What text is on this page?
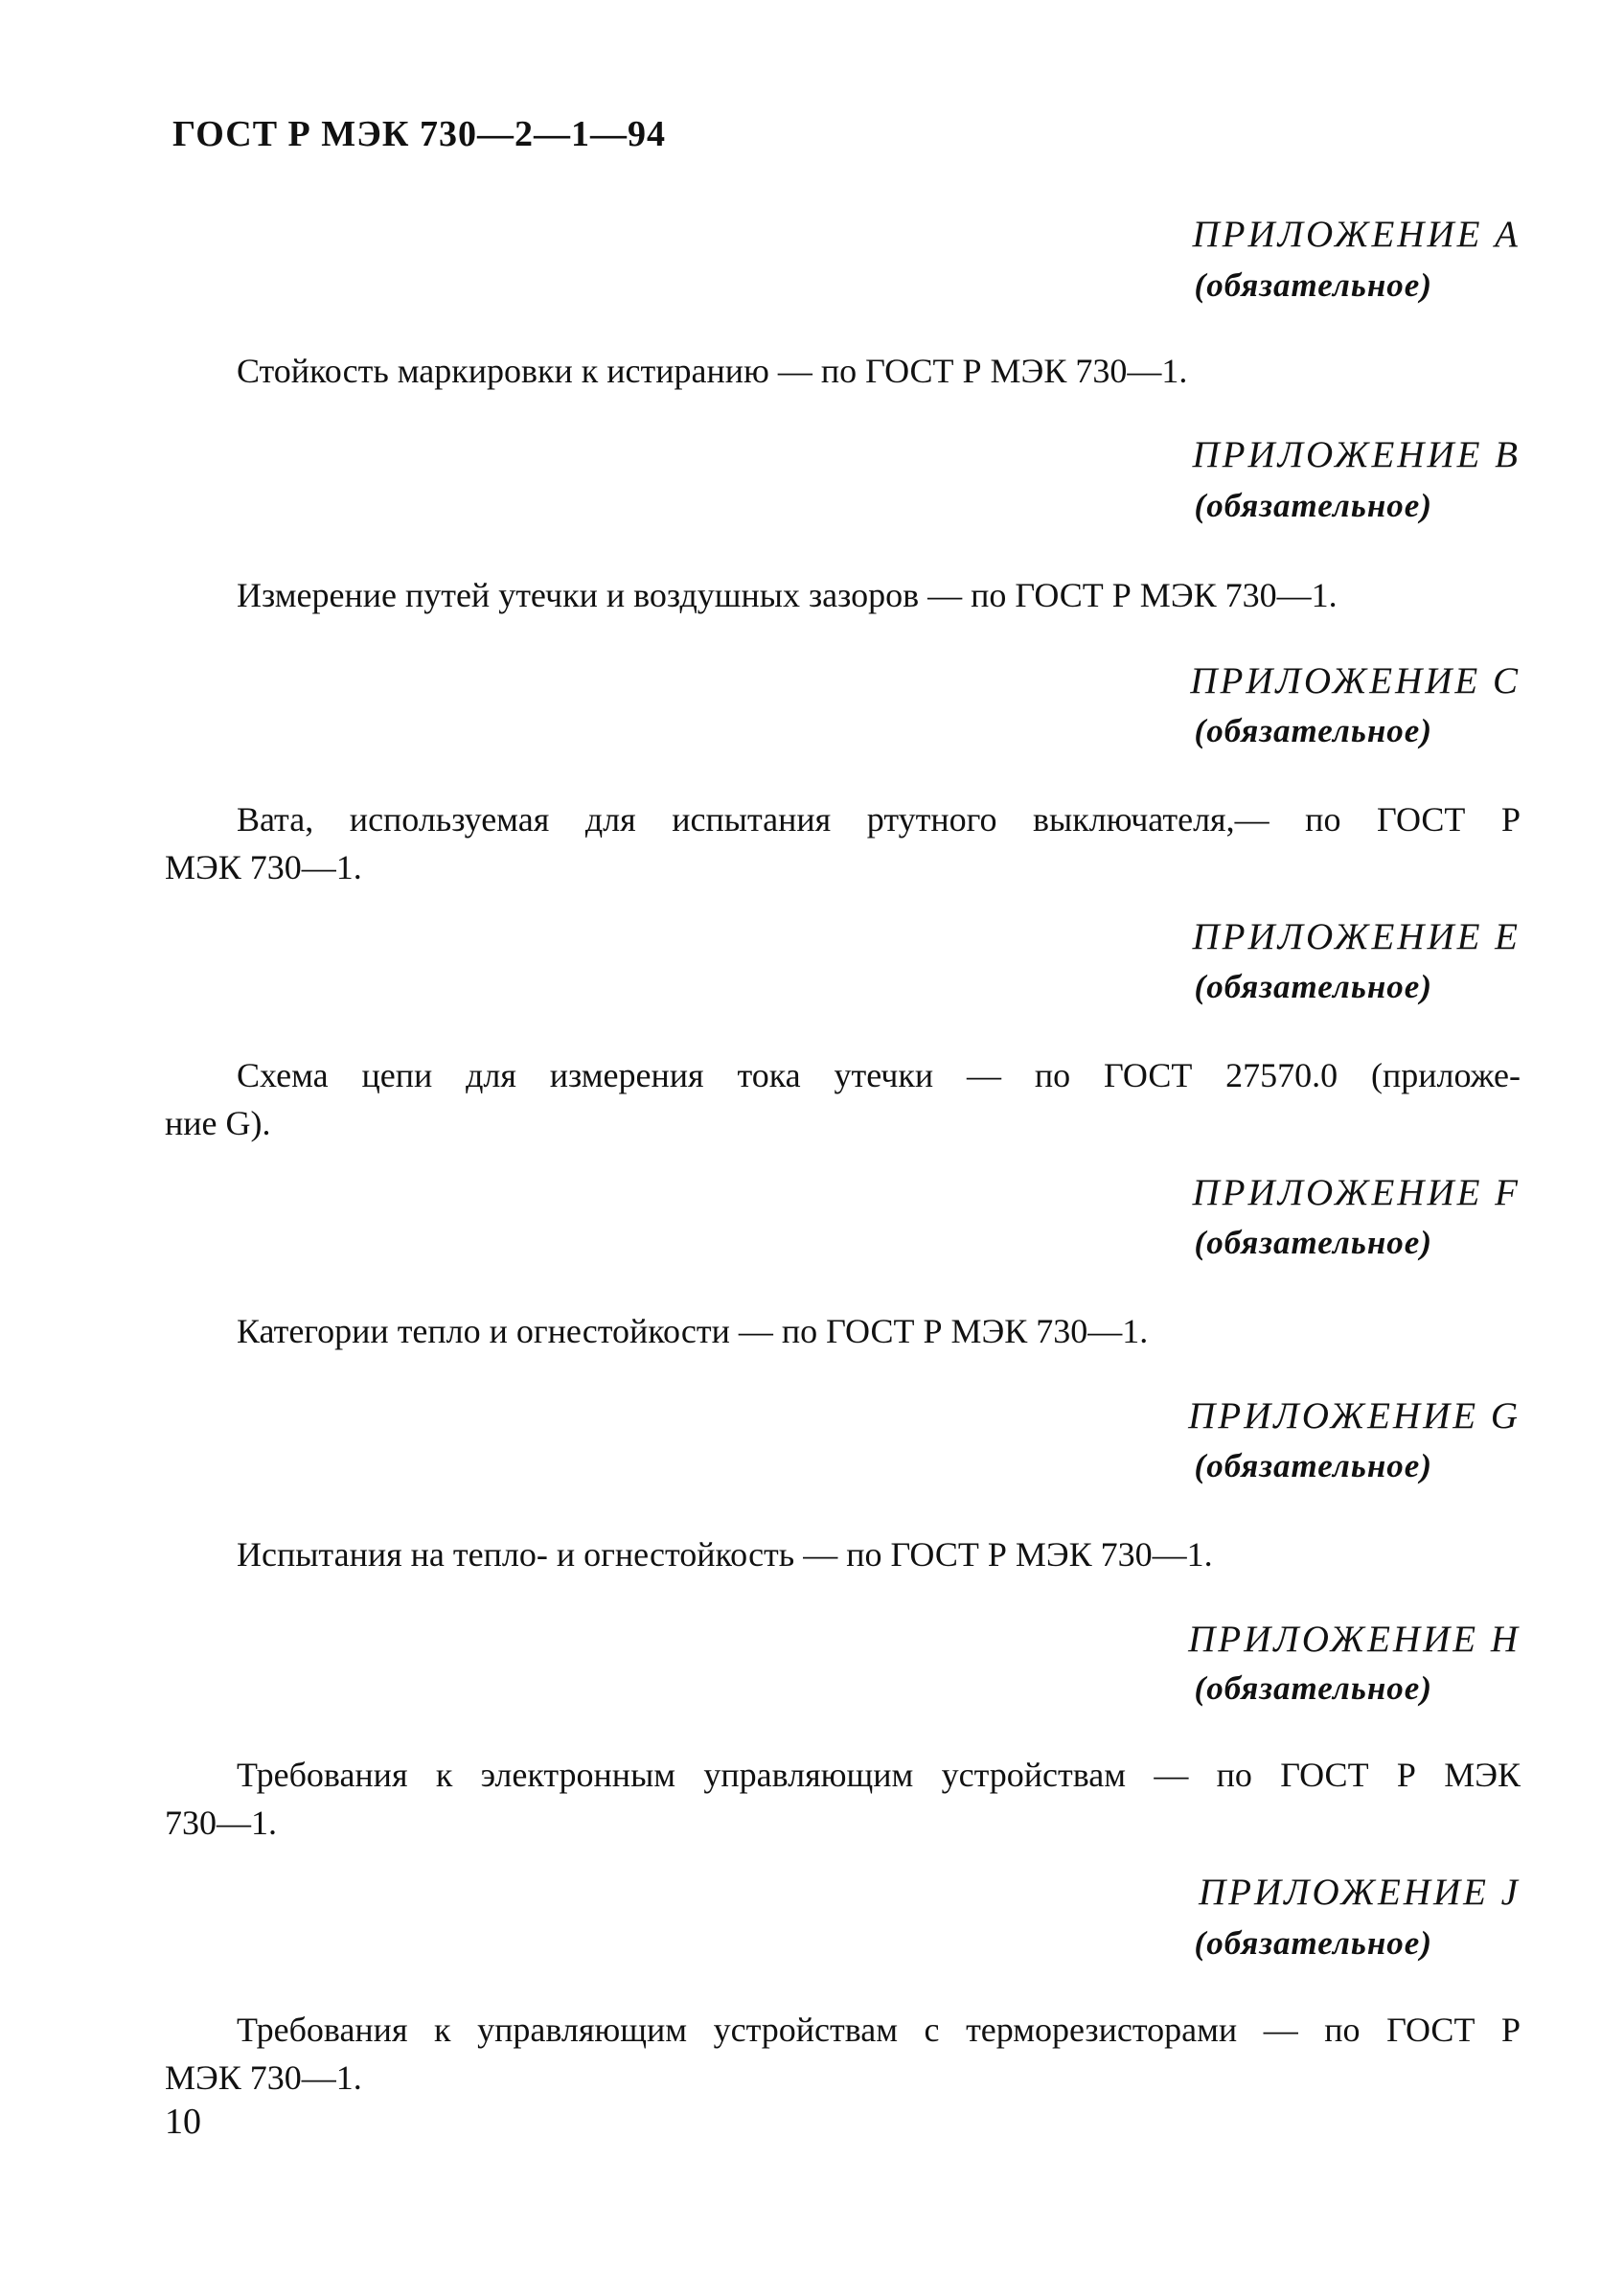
ГОСТ Р МЭК 730—2—1—94
ПРИЛОЖЕНИЕ А
(обязательное)
Стойкость маркировки к истиранию — по ГОСТ Р МЭК 730—1.
ПРИЛОЖЕНИЕ В
(обязательное)
Измерение путей утечки и воздушных зазоров — по ГОСТ Р МЭК 730—1.
ПРИЛОЖЕНИЕ С
(обязательное)
Вата, используемая для испытания ртутного выключателя,— по ГОСТ Р
МЭК 730—1.
ПРИЛОЖЕНИЕ Е
(обязательное)
Схема цепи для измерения тока утечки — по ГОСТ 27570.0 (приложе-
ние G).
ПРИЛОЖЕНИЕ F
(обязательное)
Категории тепло и огнестойкости — по ГОСТ Р МЭК 730—1.
ПРИЛОЖЕНИЕ G
(обязательное)
Испытания на тепло- и огнестойкость — по ГОСТ Р МЭК 730—1.
ПРИЛОЖЕНИЕ Н
(обязательное)
Требования к электронным управляющим устройствам — по ГОСТ Р МЭК
730—1.
ПРИЛОЖЕНИЕ J
(обязательное)
Требования к управляющим устройствам с терморезисторами — по ГОСТ Р
МЭК 730—1.
10
